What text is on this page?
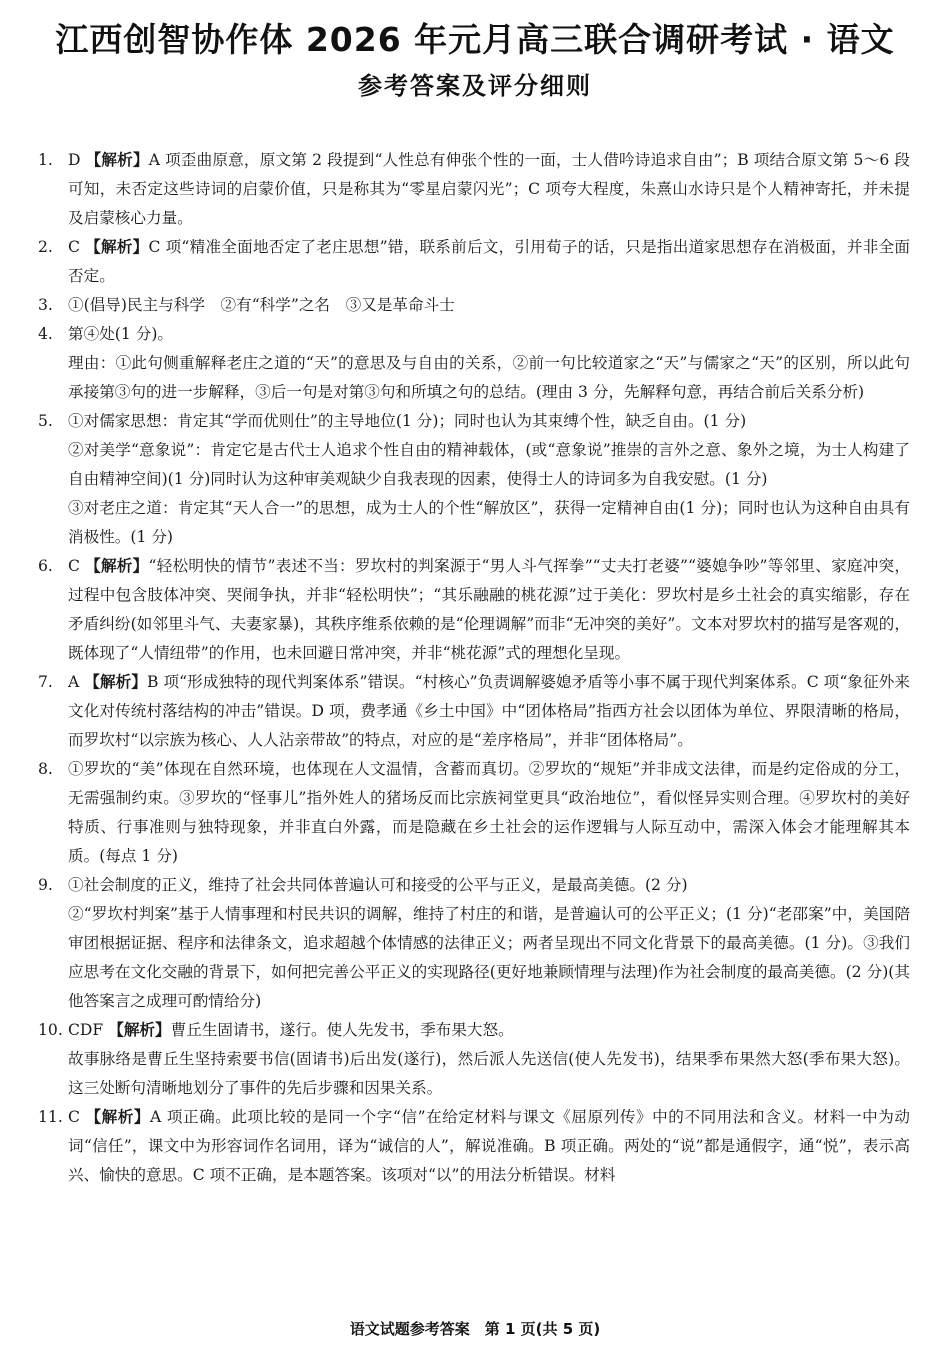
江西创智协作体 2026 年元月高三联合调研考试 · 语文
参考答案及评分细则
1. D 【解析】A 项歪曲原意，原文第 2 段提到“人性总有伸张个性的一面，士人借吟诗追求自由”；B 项结合原文第 5～6 段可知，未否定这些诗词的启蒙价值，只是称其为“零星启蒙闪光”；C 项夸大程度，朱熹山水诗只是个人精神寄托，并未提及启蒙核心力量。
2. C 【解析】C 项“精准全面地否定了老庄思想”错，联系前后文，引用荀子的话，只是指出道家思想存在消极面，并非全面否定。
3. ①(倡导)民主与科学　②有“科学”之名　③又是革命斗士
4. 第④处(1 分)。
理由：①此句侧重解释老庄之道的“天”的意思及与自由的关系，②前一句比较道家之“天”与儒家之“天”的区别，所以此句承接第③句的进一步解释，③后一句是对第③句和所填之句的总结。(理由 3 分，先解释句意，再结合前后关系分析)
5. ①对儒家思想：肯定其“学而优则仕”的主导地位(1 分)；同时也认为其束缚个性，缺乏自由。(1 分)
②对美学“意象说”：肯定它是古代士人追求个性自由的精神载体，(或“意象说”推崇的言外之意、象外之境，为士人构建了自由精神空间)(1 分)同时认为这种审美观缺少自我表现的因素，使得士人的诗词多为自我安慰。(1 分)
③对老庄之道：肯定其“天人合一”的思想，成为士人的个性“解放区”，获得一定精神自由(1 分)；同时也认为这种自由具有消极性。(1 分)
6. C 【解析】“轻松明快的情节”表述不当：罗坎村的判案源于“男人斗气挥拳”“丈夫打老婆”“婆媳争吵”等邻里、家庭冲突，过程中包含肢体冲突、哭闹争执，并非“轻松明快”；“其乐融融的桃花源”过于美化：罗坎村是乡土社会的真实缩影，存在矛盾纠纷(如邻里斗气、夫妻家暴)，其秩序维系依赖的是“伦理调解”而非“无冲突的美好”。文本对罗坎村的描写是客观的，既体现了“人情纽带”的作用，也未回避日常冲突，并非“桃花源”式的理想化呈现。
7. A 【解析】B 项“形成独特的现代判案体系”错误。“村核心”负责调解婆媳矛盾等小事不属于现代判案体系。C 项“象征外来文化对传统村落结构的冲击”错误。D 项，费孝通《乡土中国》中“团体格局”指西方社会以团体为单位、界限清晰的格局，而罗坎村“以宗族为核心、人人沾亲带故”的特点，对应的是“差序格局”，并非“团体格局”。
8. ①罗坎的“美”体现在自然环境，也体现在人文温情，含蓄而真切。②罗坎的“规矩”并非成文法律，而是约定俗成的分工，无需强制约束。③罗坎的“怪事儿”指外姓人的猪场反而比宗族祠堂更具“政治地位”，看似怪异实则合理。④罗坎村的美好特质、行事准则与独特现象，并非直白外露，而是隐藏在乡土社会的运作逻辑与人际互动中，需深入体会才能理解其本质。(每点 1 分)
9. ①社会制度的正义，维持了社会共同体普遍认可和接受的公平与正义，是最高美德。(2 分)
②“罗坎村判案”基于人情事理和村民共识的调解，维持了村庄的和谐，是普遍认可的公平正义；(1 分)“老邵案”中，美国陪审团根据证据、程序和法律条文，追求超越个体情感的法律正义；两者呈现出不同文化背景下的最高美德。(1 分)。③我们应思考在文化交融的背景下，如何把完善公平正义的实现路径(更好地兼顾情理与法理)作为社会制度的最高美德。(2 分)(其他答案言之成理可酌情给分)
10. CDF 【解析】曹丘生固请书，遂行。使人先发书，季布果大怒。
故事脉络是曹丘生坚持索要书信(固请书)后出发(遂行)，然后派人先送信(使人先发书)，结果季布果然大怒(季布果大怒)。这三处断句清晰地划分了事件的先后步骤和因果关系。
11. C 【解析】A 项正确。此项比较的是同一个字“信”在给定材料与课文《屈原列传》中的不同用法和含义。材料一中为动词“信任”，课文中为形容词作名词用，译为“诚信的人”，解说准确。B 项正确。两处的“说”都是通假字，通“悦”，表示高兴、愉快的意思。C 项不正确，是本题答案。该项对“以”的用法分析错误。材料
语文试题参考答案　第 1 页(共 5 页)
